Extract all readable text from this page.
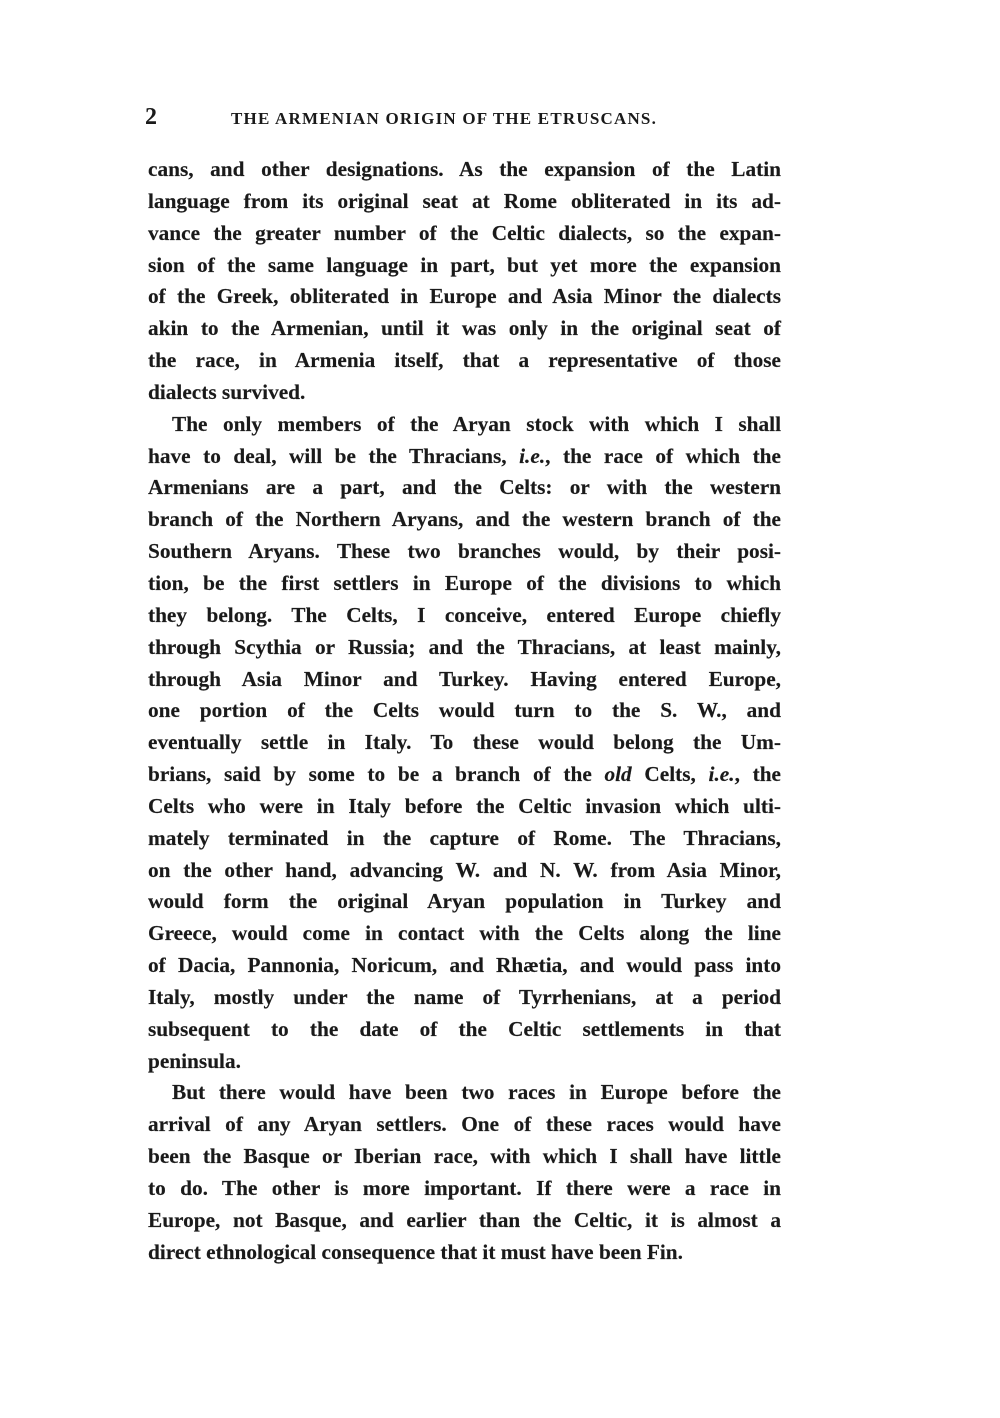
2	THE ARMENIAN ORIGIN OF THE ETRUSCANS.
cans, and other designations. As the expansion of the Latin
language from its original seat at Rome obliterated in its ad-
vance the greater number of the Celtic dialects, so the expan-
sion of the same language in part, but yet more the expansion
of the Greek, obliterated in Europe and Asia Minor the dialects
akin to the Armenian, until it was only in the original seat of
the race, in Armenia itself, that a representative of those
dialects survived.
The only members of the Aryan stock with which I shall
have to deal, will be the Thracians, i.e., the race of which the
Armenians are a part, and the Celts: or with the western
branch of the Northern Aryans, and the western branch of the
Southern Aryans. These two branches would, by their posi-
tion, be the first settlers in Europe of the divisions to which
they belong. The Celts, I conceive, entered Europe chiefly
through Scythia or Russia; and the Thracians, at least mainly,
through Asia Minor and Turkey. Having entered Europe,
one portion of the Celts would turn to the S. W., and
eventually settle in Italy. To these would belong the Um-
brians, said by some to be a branch of the old Celts, i.e., the
Celts who were in Italy before the Celtic invasion which ulti-
mately terminated in the capture of Rome. The Thracians,
on the other hand, advancing W. and N. W. from Asia Minor,
would form the original Aryan population in Turkey and
Greece, would come in contact with the Celts along the line
of Dacia, Pannonia, Noricum, and Rhætia, and would pass into
Italy, mostly under the name of Tyrrhenians, at a period
subsequent to the date of the Celtic settlements in that
peninsula.
But there would have been two races in Europe before the
arrival of any Aryan settlers. One of these races would have
been the Basque or Iberian race, with which I shall have little
to do. The other is more important. If there were a race in
Europe, not Basque, and earlier than the Celtic, it is almost a
direct ethnological consequence that it must have been Fin.
